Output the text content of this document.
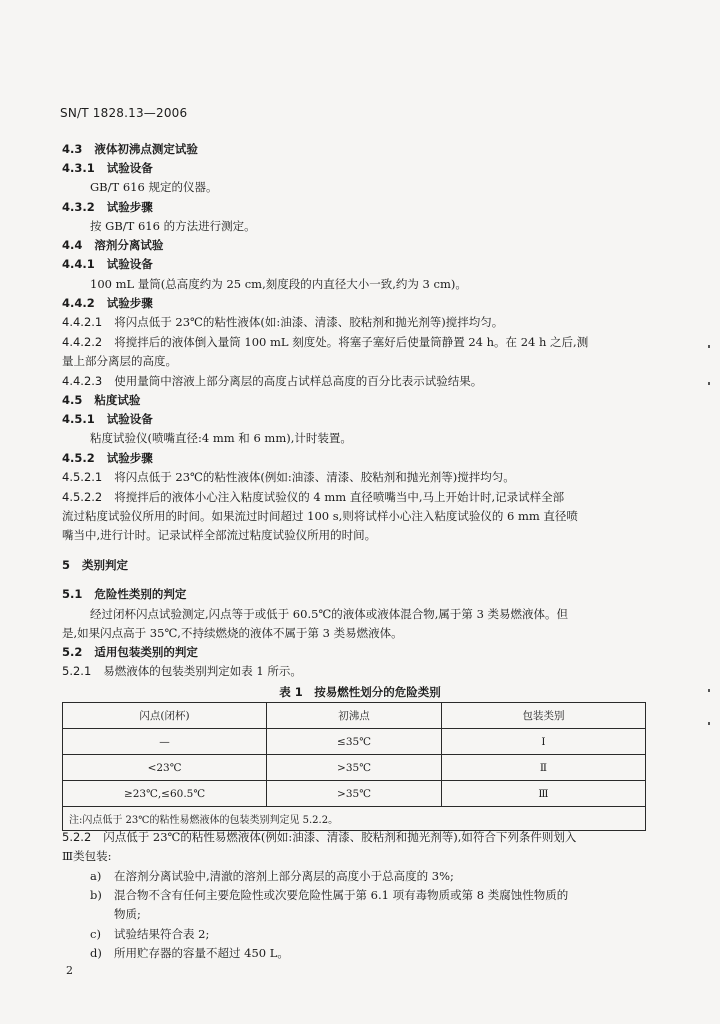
SN/T 1828.13—2006
4.3 液体初沸点测定试验
4.3.1 试验设备
GB/T 616 规定的仪器。
4.3.2 试验步骤
按 GB/T 616 的方法进行测定。
4.4 溶剂分离试验
4.4.1 试验设备
100 mL 量筒(总高度约为 25 cm,刻度段的内直径大小一致,约为 3 cm)。
4.4.2 试验步骤
4.4.2.1 将闪点低于 23℃的粘性液体(如:油漆、清漆、胶粘剂和抛光剂等)搅拌均匀。
4.4.2.2 将搅拌后的液体倒入量筒 100 mL 刻度处。将塞子塞好后使量筒静置 24 h。在 24 h 之后,测
量上部分离层的高度。
4.4.2.3 使用量筒中溶液上部分离层的高度占试样总高度的百分比表示试验结果。
4.5 粘度试验
4.5.1 试验设备
粘度试验仪(喷嘴直径:4 mm 和 6 mm),计时装置。
4.5.2 试验步骤
4.5.2.1 将闪点低于 23℃的粘性液体(例如:油漆、清漆、胶粘剂和抛光剂等)搅拌均匀。
4.5.2.2 将搅拌后的液体小心注入粘度试验仪的 4 mm 直径喷嘴当中,马上开始计时,记录试样全部
流过粘度试验仪所用的时间。如果流过时间超过 100 s,则将试样小心注入粘度试验仪的 6 mm 直径喷
嘴当中,进行计时。记录试样全部流过粘度试验仪所用的时间。
5 类别判定
5.1 危险性类别的判定
经过闭杯闪点试验测定,闪点等于或低于 60.5℃的液体或液体混合物,属于第 3 类易燃液体。但
是,如果闪点高于 35℃,不持续燃烧的液体不属于第 3 类易燃液体。
5.2 适用包装类别的判定
5.2.1 易燃液体的包装类别判定如表 1 所示。
表 1　按易燃性划分的危险类别
闪点(闭杯)	初沸点	包装类别
—	≤35℃	Ⅰ
<23℃	>35℃	Ⅱ
≥23℃,≤60.5℃	>35℃	Ⅲ
注:闪点低于 23℃的粘性易燃液体的包装类别判定见 5.2.2。		
5.2.2 闪点低于 23℃的粘性易燃液体(例如:油漆、清漆、胶粘剂和抛光剂等),如符合下列条件则划入
Ⅲ类包装:
a) 在溶剂分离试验中,清澈的溶剂上部分离层的高度小于总高度的 3%;
b) 混合物不含有任何主要危险性或次要危险性属于第 6.1 项有毒物质或第 8 类腐蚀性物质的
物质;
c) 试验结果符合表 2;
d) 所用贮存器的容量不超过 450 L。
2
